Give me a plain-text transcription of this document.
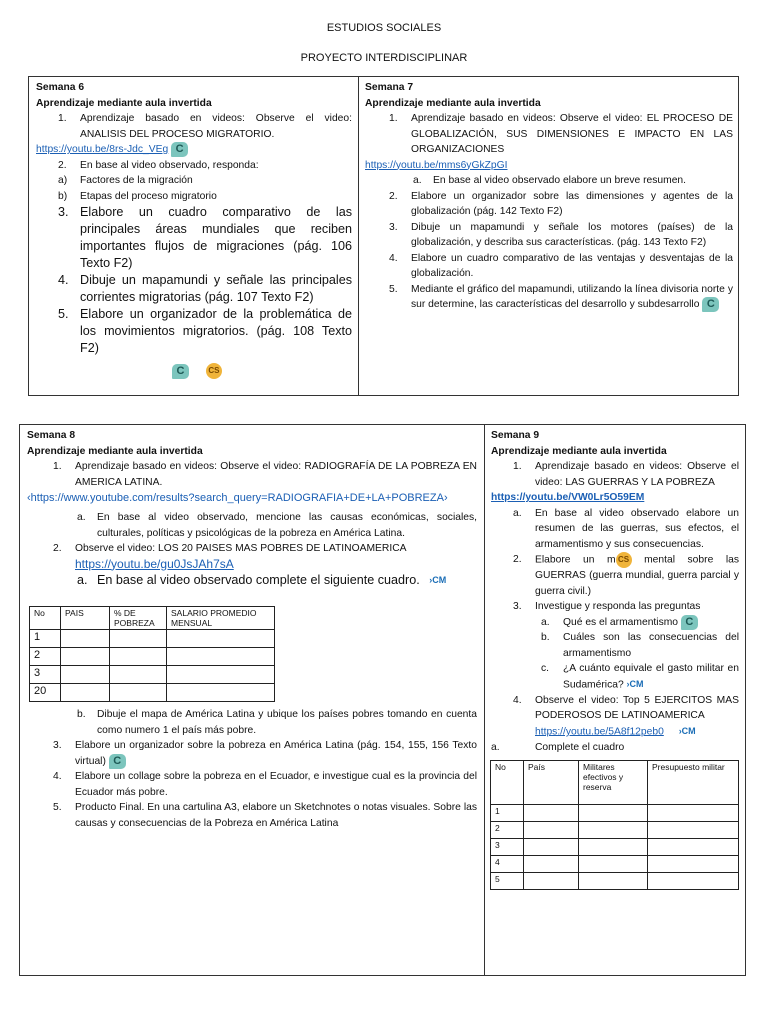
ESTUDIOS SOCIALES
PROYECTO INTERDISCIPLINAR
Semana 6
Aprendizaje mediante aula invertida
1.	Aprendizaje basado en videos: Observe el video: ANALISIS DEL PROCESO MIGRATORIO.
https://youtu.be/8rs-Jdc_VEg C
2.	En base al video observado, responda:
a)	Factores de la migración
b)	Etapas del proceso migratorio
3. Elabore un cuadro comparativo de las principales áreas mundiales que reciben importantes flujos de migraciones (pág. 106 Texto F2)
4. Dibuje un mapamundi y señale las principales corrientes migratorias (pág. 107 Texto F2)
5. Elabore un organizador de la problemática de los movimientos migratorios. (pág. 108 Texto F2)
C	CS
Semana 7
Aprendizaje mediante aula invertida
1.	Aprendizaje basado en videos: Observe el video: EL PROCESO DE GLOBALIZACIÓN, SUS DIMENSIONES E IMPACTO EN LAS ORGANIZACIONES
https://youtu.be/mms6yGkZpGI
a.	En base al video observado elabore un breve resumen.
2.	Elabore un organizador sobre las dimensiones y agentes de la globalización (pág. 142 Texto F2)
3.	Dibuje un mapamundi y señale los motores (países) de la globalización, y describa sus características. (pág. 143 Texto F2)
4.	Elabore un cuadro comparativo de las ventajas y desventajas de la globalización.
5.	Mediante el gráfico del mapamundi, utilizando la línea divisoria norte y sur determine, las características del desarrollo y subdesarrollo C
Semana 8
Aprendizaje mediante aula invertida
1.	Aprendizaje basado en videos: Observe el video: RADIOGRAFÍA DE LA POBREZA EN AMERICA LATINA.
‹https://www.youtube.com/results?search_query=RADIOGRAFIA+DE+LA+POBREZA›
a.	En base al video observado, mencione las causas económicas, sociales, culturales, políticas y psicológicas de la pobreza en América Latina.
2.	Observe el video: LOS 20 PAISES MAS POBRES DE LATINOAMERICA
https://youtu.be/gu0JsJAh7sA
a. En base al video observado complete el siguiente cuadro. ›CM
No	PAIS	% DE POBREZA	SALARIO PROMEDIO MENSUAL
1			
2			
3			
20			
b.	Dibuje el mapa de América Latina y ubique los países pobres tomando en cuenta como numero 1 el país más pobre.
3.	Elabore un organizador sobre la pobreza en América Latina (pág. 154, 155, 156 Texto virtual) C
4.	Elabore un collage sobre la pobreza en el Ecuador, e investigue cual es la provincia del Ecuador más pobre.
5.	Producto Final. En una cartulina A3, elabore un Sketchnotes o notas visuales. Sobre las causas y consecuencias de la Pobreza en América Latina
Semana 9
Aprendizaje mediante aula invertida
1.	Aprendizaje basado en videos: Observe el video: LAS GUERRAS Y LA POBREZA
https://youtu.be/VW0Lr5O59EM
a.	En base al video observado elabore un resumen de las guerras, sus efectos, el armamentismo y sus consecuencias.
2.	Elabore un m CS mental sobre las GUERRAS (guerra mundial, guerra parcial y guerra civil.)
3.	Investigue y responda las preguntas
a.	Qué es el armamentismo C
b.	Cuáles son las consecuencias del armamentismo
c.	¿A cuánto equivale el gasto militar en Sudamérica? ›CM
4.	Observe el video: Top 5 EJERCITOS MAS PODEROSOS DE LATINOAMERICA
https://youtu.be/5A8f12peb0 ›CM
a.	Complete el cuadro
No	País	Militares efectivos y reserva	Presupuesto militar
1			
2			
3			
4			
5			
